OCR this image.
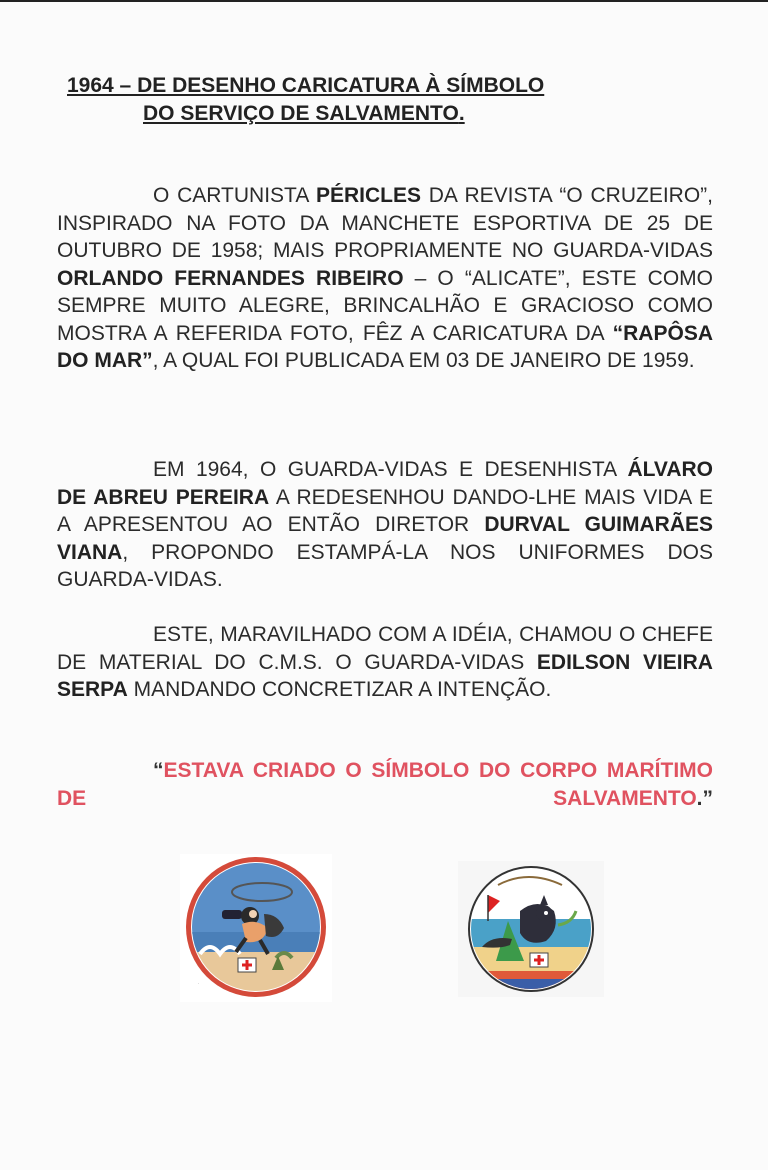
1964 – DE DESENHO CARICATURA À SÍMBOLO
DO SERVIÇO DE SALVAMENTO.

O CARTUNISTA PÉRICLES DA REVISTA “O CRUZEIRO”, INSPIRADO NA FOTO DA MANCHETE ESPORTIVA DE 25 DE OUTUBRO DE 1958; MAIS PROPRIAMENTE NO GUARDA-VIDAS ORLANDO FERNANDES RIBEIRO – O “ALICATE”, ESTE COMO SEMPRE MUITO ALEGRE, BRINCALHÃO E GRACIOSO COMO MOSTRA A REFERIDA FOTO, FÊZ A CARICATURA DA “RAPÔSA DO MAR”, A QUAL FOI PUBLICADA EM 03 DE JANEIRO DE 1959.

EM 1964, O GUARDA-VIDAS E DESENHISTA ÁLVARO DE ABREU PEREIRA A REDESENHOU DANDO-LHE MAIS VIDA E A APRESENTOU AO ENTÃO DIRETOR DURVAL GUIMARÃES VIANA, PROPONDO ESTAMPÁ-LA NOS UNIFORMES DOS GUARDA-VIDAS.

ESTE, MARAVILHADO COM A IDÉIA, CHAMOU O CHEFE DE MATERIAL DO C.M.S. O GUARDA-VIDAS EDILSON VIEIRA SERPA MANDANDO CONCRETIZAR A INTENÇÃO.

“ESTAVA CRIADO O SÍMBOLO DO CORPO MARÍTIMO DE SALVAMENTO.”

.
